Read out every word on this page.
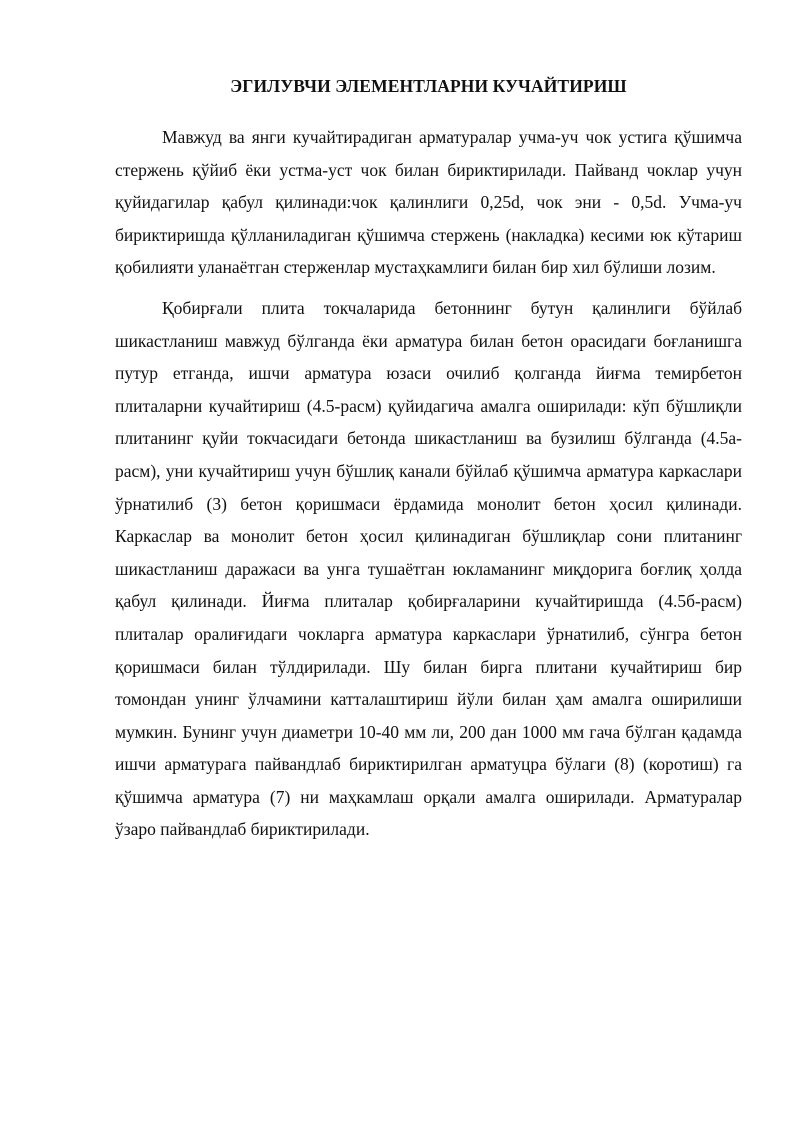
ЭГИЛУВЧИ ЭЛЕМЕНТЛАРНИ КУЧАЙТИРИШ

Мавжуд ва янги кучайтирадиган арматуралар учма-уч чок устига қўшимча стержень қўйиб ёки устма-уст чок билан бириктирилади. Пайванд чоклар учун қуйидагилар қабул қилинади:чок қалинлиги 0,25d, чок эни - 0,5d. Учма-уч бириктиришда қўлланиладиган қўшимча стержень (накладка) кесими юк кўтариш қобилияти уланаётган стерженлар мустаҳкамлиги билан бир хил бўлиши лозим.

Қобирғали плита токчаларида бетоннинг бутун қалинлиги бўйлаб шикастланиш мавжуд бўлганда ёки арматура билан бетон орасидаги боғланишга путур етганда, ишчи арматура юзаси очилиб қолганда йиғма темирбетон плиталарни кучайтириш (4.5-расм) қуйидагича амалга оширилади: кўп бўшлиқли плитанинг қуйи токчасидаги бетонда шикастланиш ва бузилиш бўлганда (4.5а-расм), уни кучайтириш учун бўшлиқ канали бўйлаб қўшимча арматура каркаслари ўрнатилиб (3) бетон қоришмаси ёрдамида монолит бетон ҳосил қилинади. Каркаслар ва монолит бетон ҳосил қилинадиган бўшлиқлар сони плитанинг шикастланиш даражаси ва унга тушаётган юкламанинг миқдорига боғлиқ ҳолда қабул қилинади. Йиғма плиталар қобирғаларини кучайтиришда (4.5б-расм) плиталар оралиғидаги чокларга арматура каркаслари ўрнатилиб, сўнгра бетон қоришмаси билан тўлдирилади. Шу билан бирга плитани кучайтириш бир томондан унинг ўлчамини катталаштириш йўли билан ҳам амалга оширилиши мумкин. Бунинг учун диаметри 10-40 мм ли, 200 дан 1000 мм гача бўлган қадамда ишчи арматурага пайвандлаб бириктирилган арматуцра бўлаги (8) (коротиш) га қўшимча арматура (7) ни маҳкамлаш орқали амалга оширилади. Арматуралар ўзаро пайвандлаб бириктирилади.
